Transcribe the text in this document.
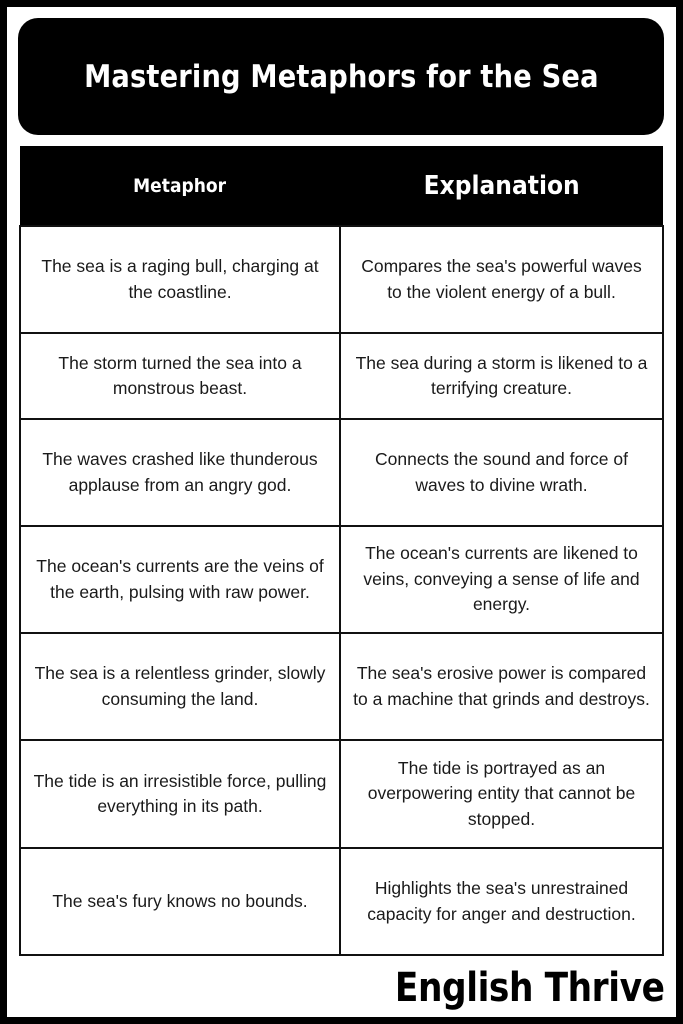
Mastering Metaphors for the Sea
Metaphor	Explanation
The sea is a raging bull, charging at the coastline.	Compares the sea's powerful waves to the violent energy of a bull.
The storm turned the sea into a monstrous beast.	The sea during a storm is likened to a terrifying creature.
The waves crashed like thunderous applause from an angry god.	Connects the sound and force of waves to divine wrath.
The ocean's currents are the veins of the earth, pulsing with raw power.	The ocean's currents are likened to veins, conveying a sense of life and energy.
The sea is a relentless grinder, slowly consuming the land.	The sea's erosive power is compared to a machine that grinds and destroys.
The tide is an irresistible force, pulling everything in its path.	The tide is portrayed as an overpowering entity that cannot be stopped.
The sea's fury knows no bounds.	Highlights the sea's unrestrained capacity for anger and destruction.
English Thrive
